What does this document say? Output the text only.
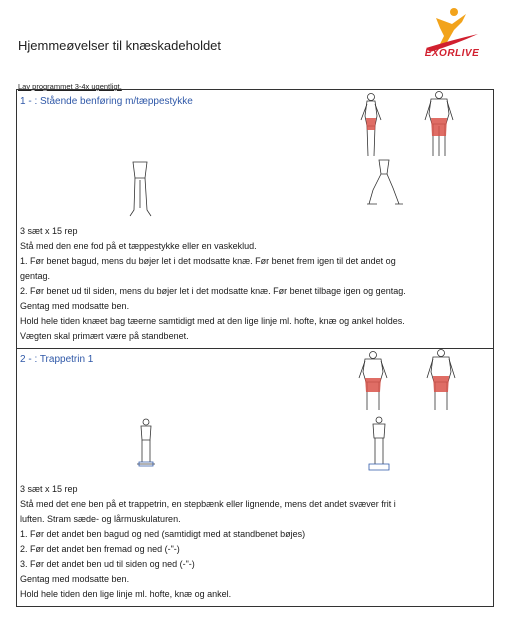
Hjemmeøvelser til knæskadeholdet
EXORLIVE
Lav programmet 3-4x ugentligt.
1 - : Stående benføring m/tæppestykke
3 sæt x 15 rep
Stå med den ene fod på et tæppestykke eller en vaskeklud.
1. Før benet bagud, mens du bøjer let i det modsatte knæ. Før benet frem igen til det andet og
gentag.
2. Før benet ud til siden, mens du bøjer let i det modsatte knæ. Før benet tilbage igen og gentag.
Gentag med modsatte ben.
Hold hele tiden knæet bag tæerne samtidigt med at den lige linje ml. hofte, knæ og ankel holdes.
Vægten skal primært være på standbenet.
2 - : Trappetrin 1
3 sæt x 15 rep
Stå med det ene ben på et trappetrin, en stepbænk eller lignende, mens det andet svæver frit i
luften. Stram sæde- og lårmuskulaturen.
1. Før det andet ben bagud og ned (samtidigt med at standbenet bøjes)
2. Før det andet ben fremad og ned (-"-)
3. Før det andet ben ud til siden og ned (-"-)
Gentag med modsatte ben.
Hold hele tiden den lige linje ml. hofte, knæ og ankel.
